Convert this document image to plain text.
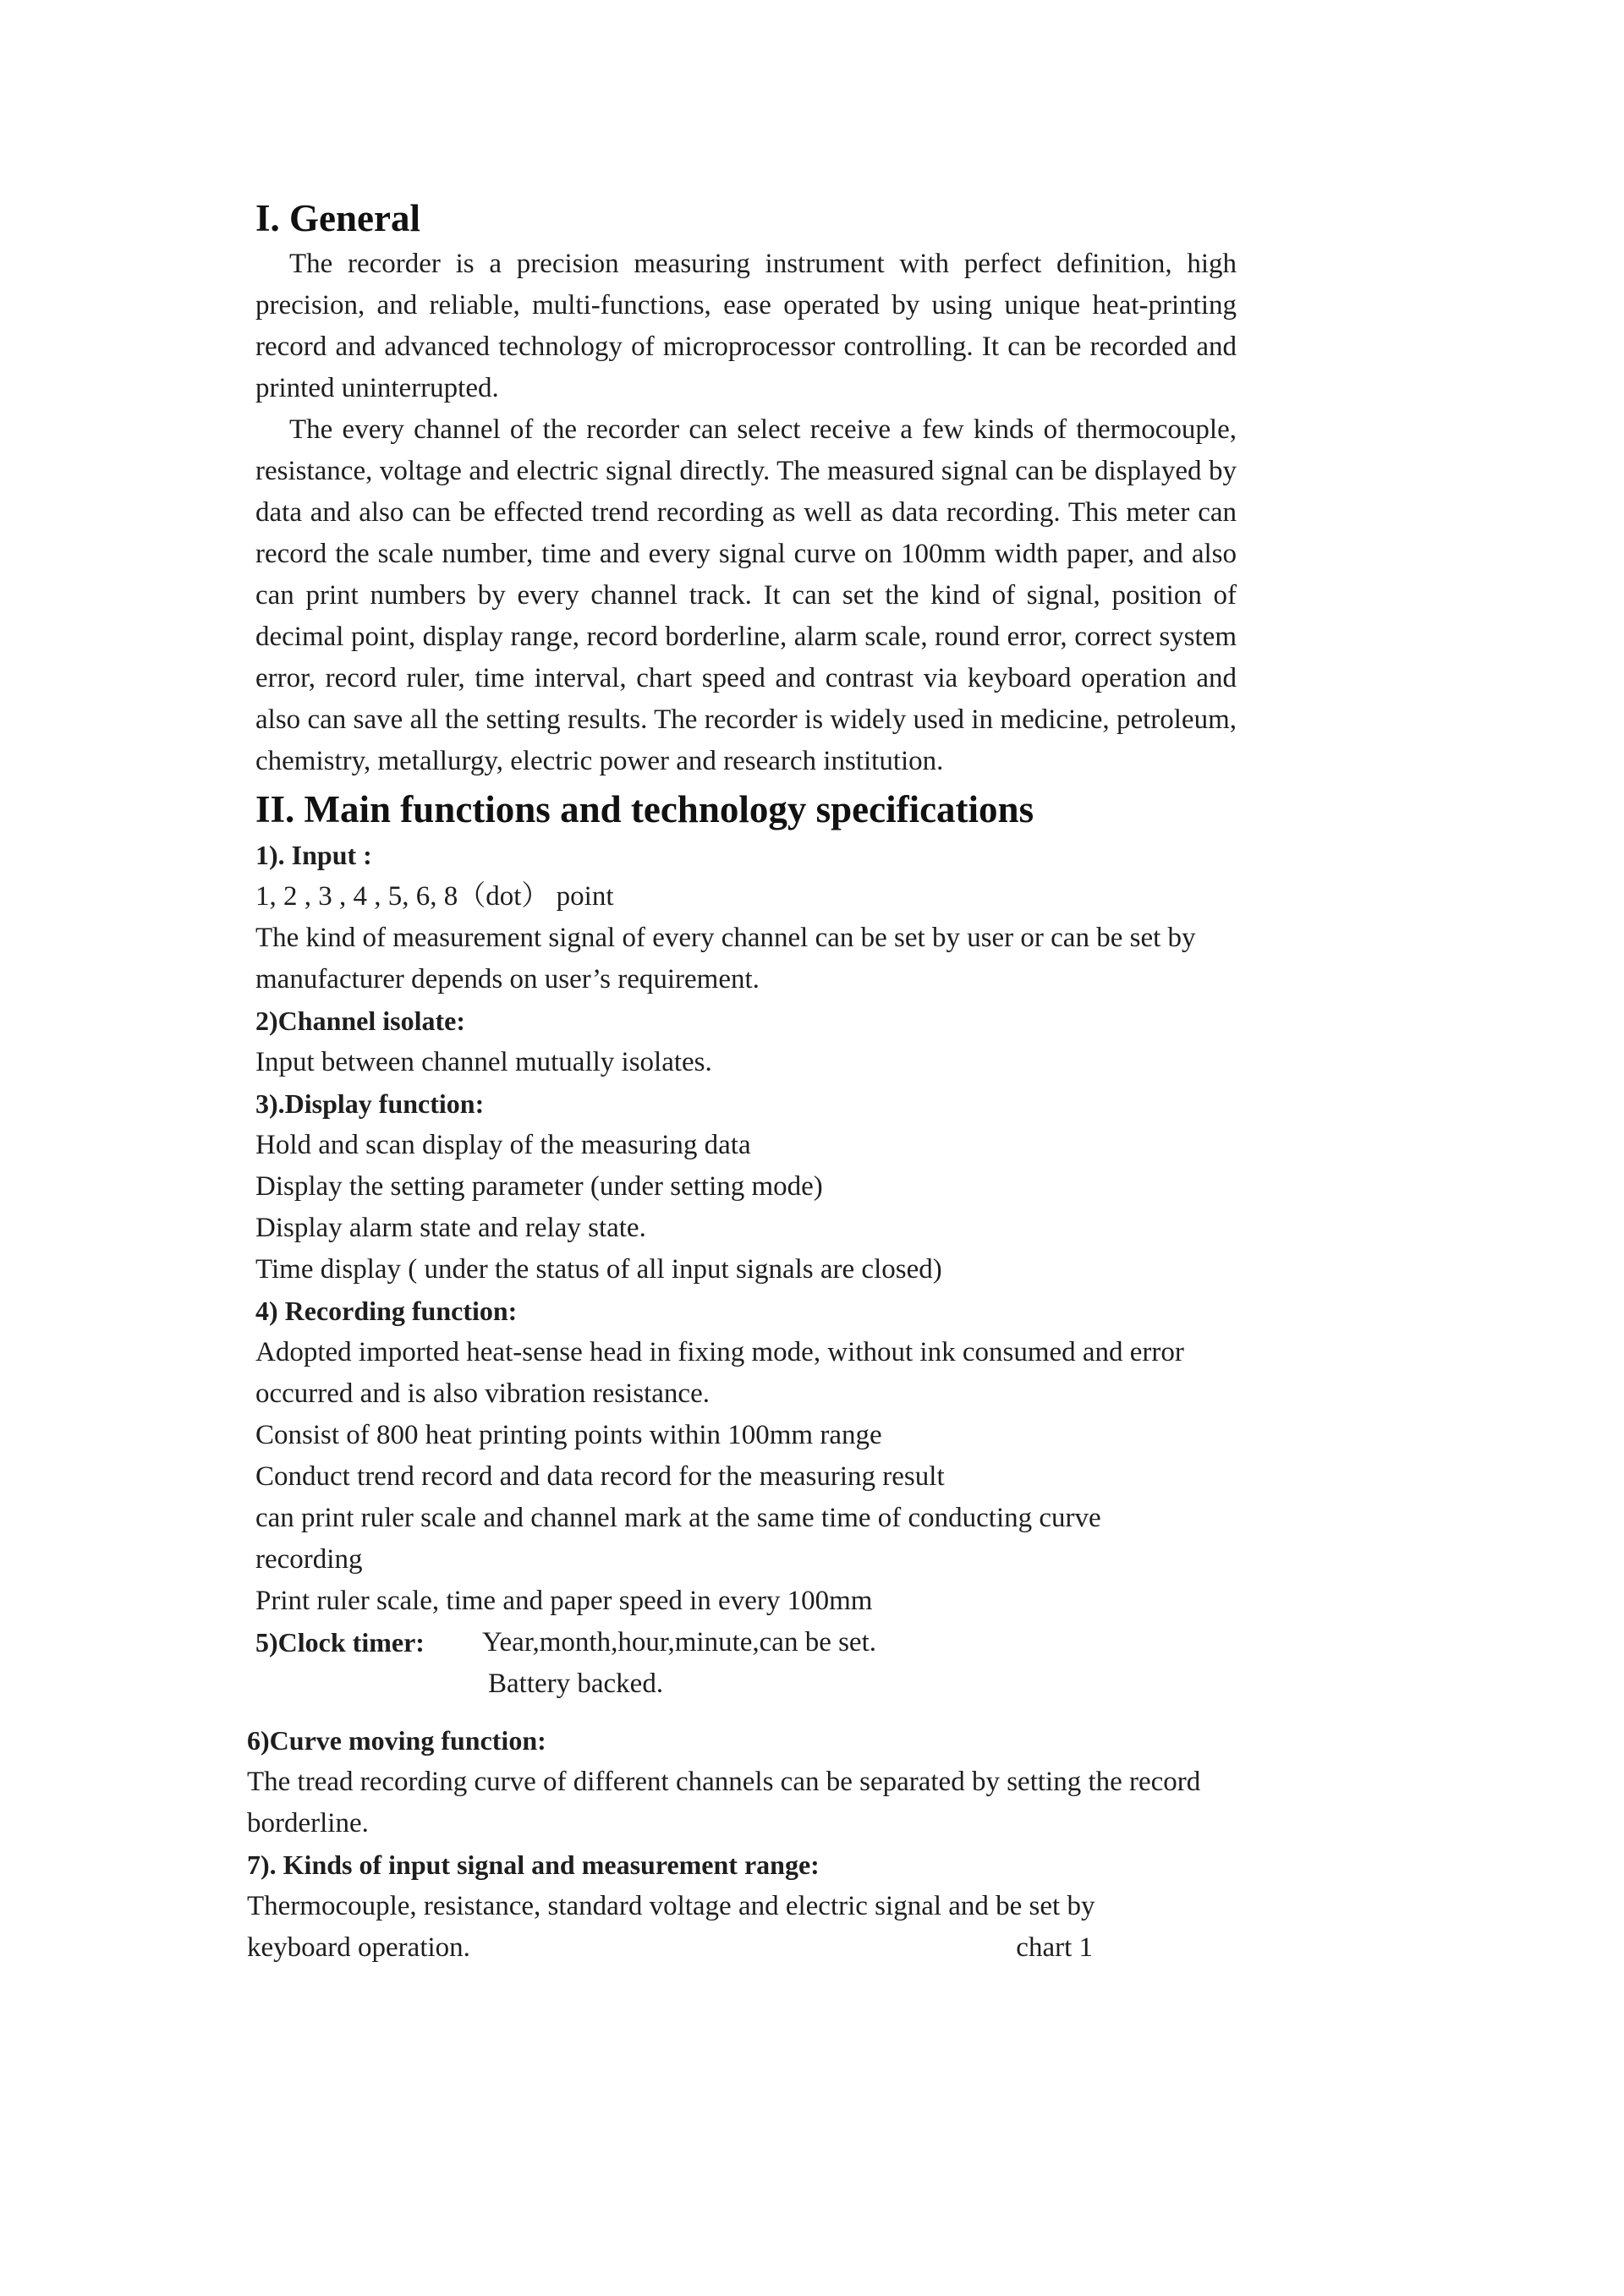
I. General

The recorder is a precision measuring instrument with perfect definition, high precision, and reliable, multi-functions, ease operated by using unique heat-printing record and advanced technology of microprocessor controlling. It can be recorded and printed uninterrupted.

The every channel of the recorder can select receive a few kinds of thermocouple, resistance, voltage and electric signal directly. The measured signal can be displayed by data and also can be effected trend recording as well as data recording. This meter can record the scale number, time and every signal curve on 100mm width paper, and also can print numbers by every channel track. It can set the kind of signal, position of decimal point, display range, record borderline, alarm scale, round error, correct system error, record ruler, time interval, chart speed and contrast via keyboard operation and also can save all the setting results. The recorder is widely used in medicine, petroleum, chemistry, metallurgy, electric power and research institution.

II. Main functions and technology specifications

1). Input :

1, 2 , 3 , 4 , 5, 6, 8（dot） point

The kind of measurement signal of every channel can be set by user or can be set by manufacturer depends on user’s requirement.

2)Channel isolate:

Input between channel mutually isolates.

3).Display function:

Hold and scan display of the measuring data

Display the setting parameter (under setting mode)

Display alarm state and relay state.

Time display ( under the status of all input signals are closed)

4) Recording function:

Adopted imported heat-sense head in fixing mode, without ink consumed and error occurred and is also vibration resistance.

Consist of 800 heat printing points within 100mm range

Conduct trend record and data record for the measuring result

can print ruler scale and channel mark at the same time of conducting curve recording

Print ruler scale, time and paper speed in every 100mm

5)Clock timer:	Year,month,hour,minute,can be set.

Battery backed.

6)Curve moving function:

The tread recording curve of different channels can be separated by setting the record borderline.

7). Kinds of input signal and measurement range:

Thermocouple, resistance, standard voltage and electric signal and be set by

keyboard operation.	chart 1
